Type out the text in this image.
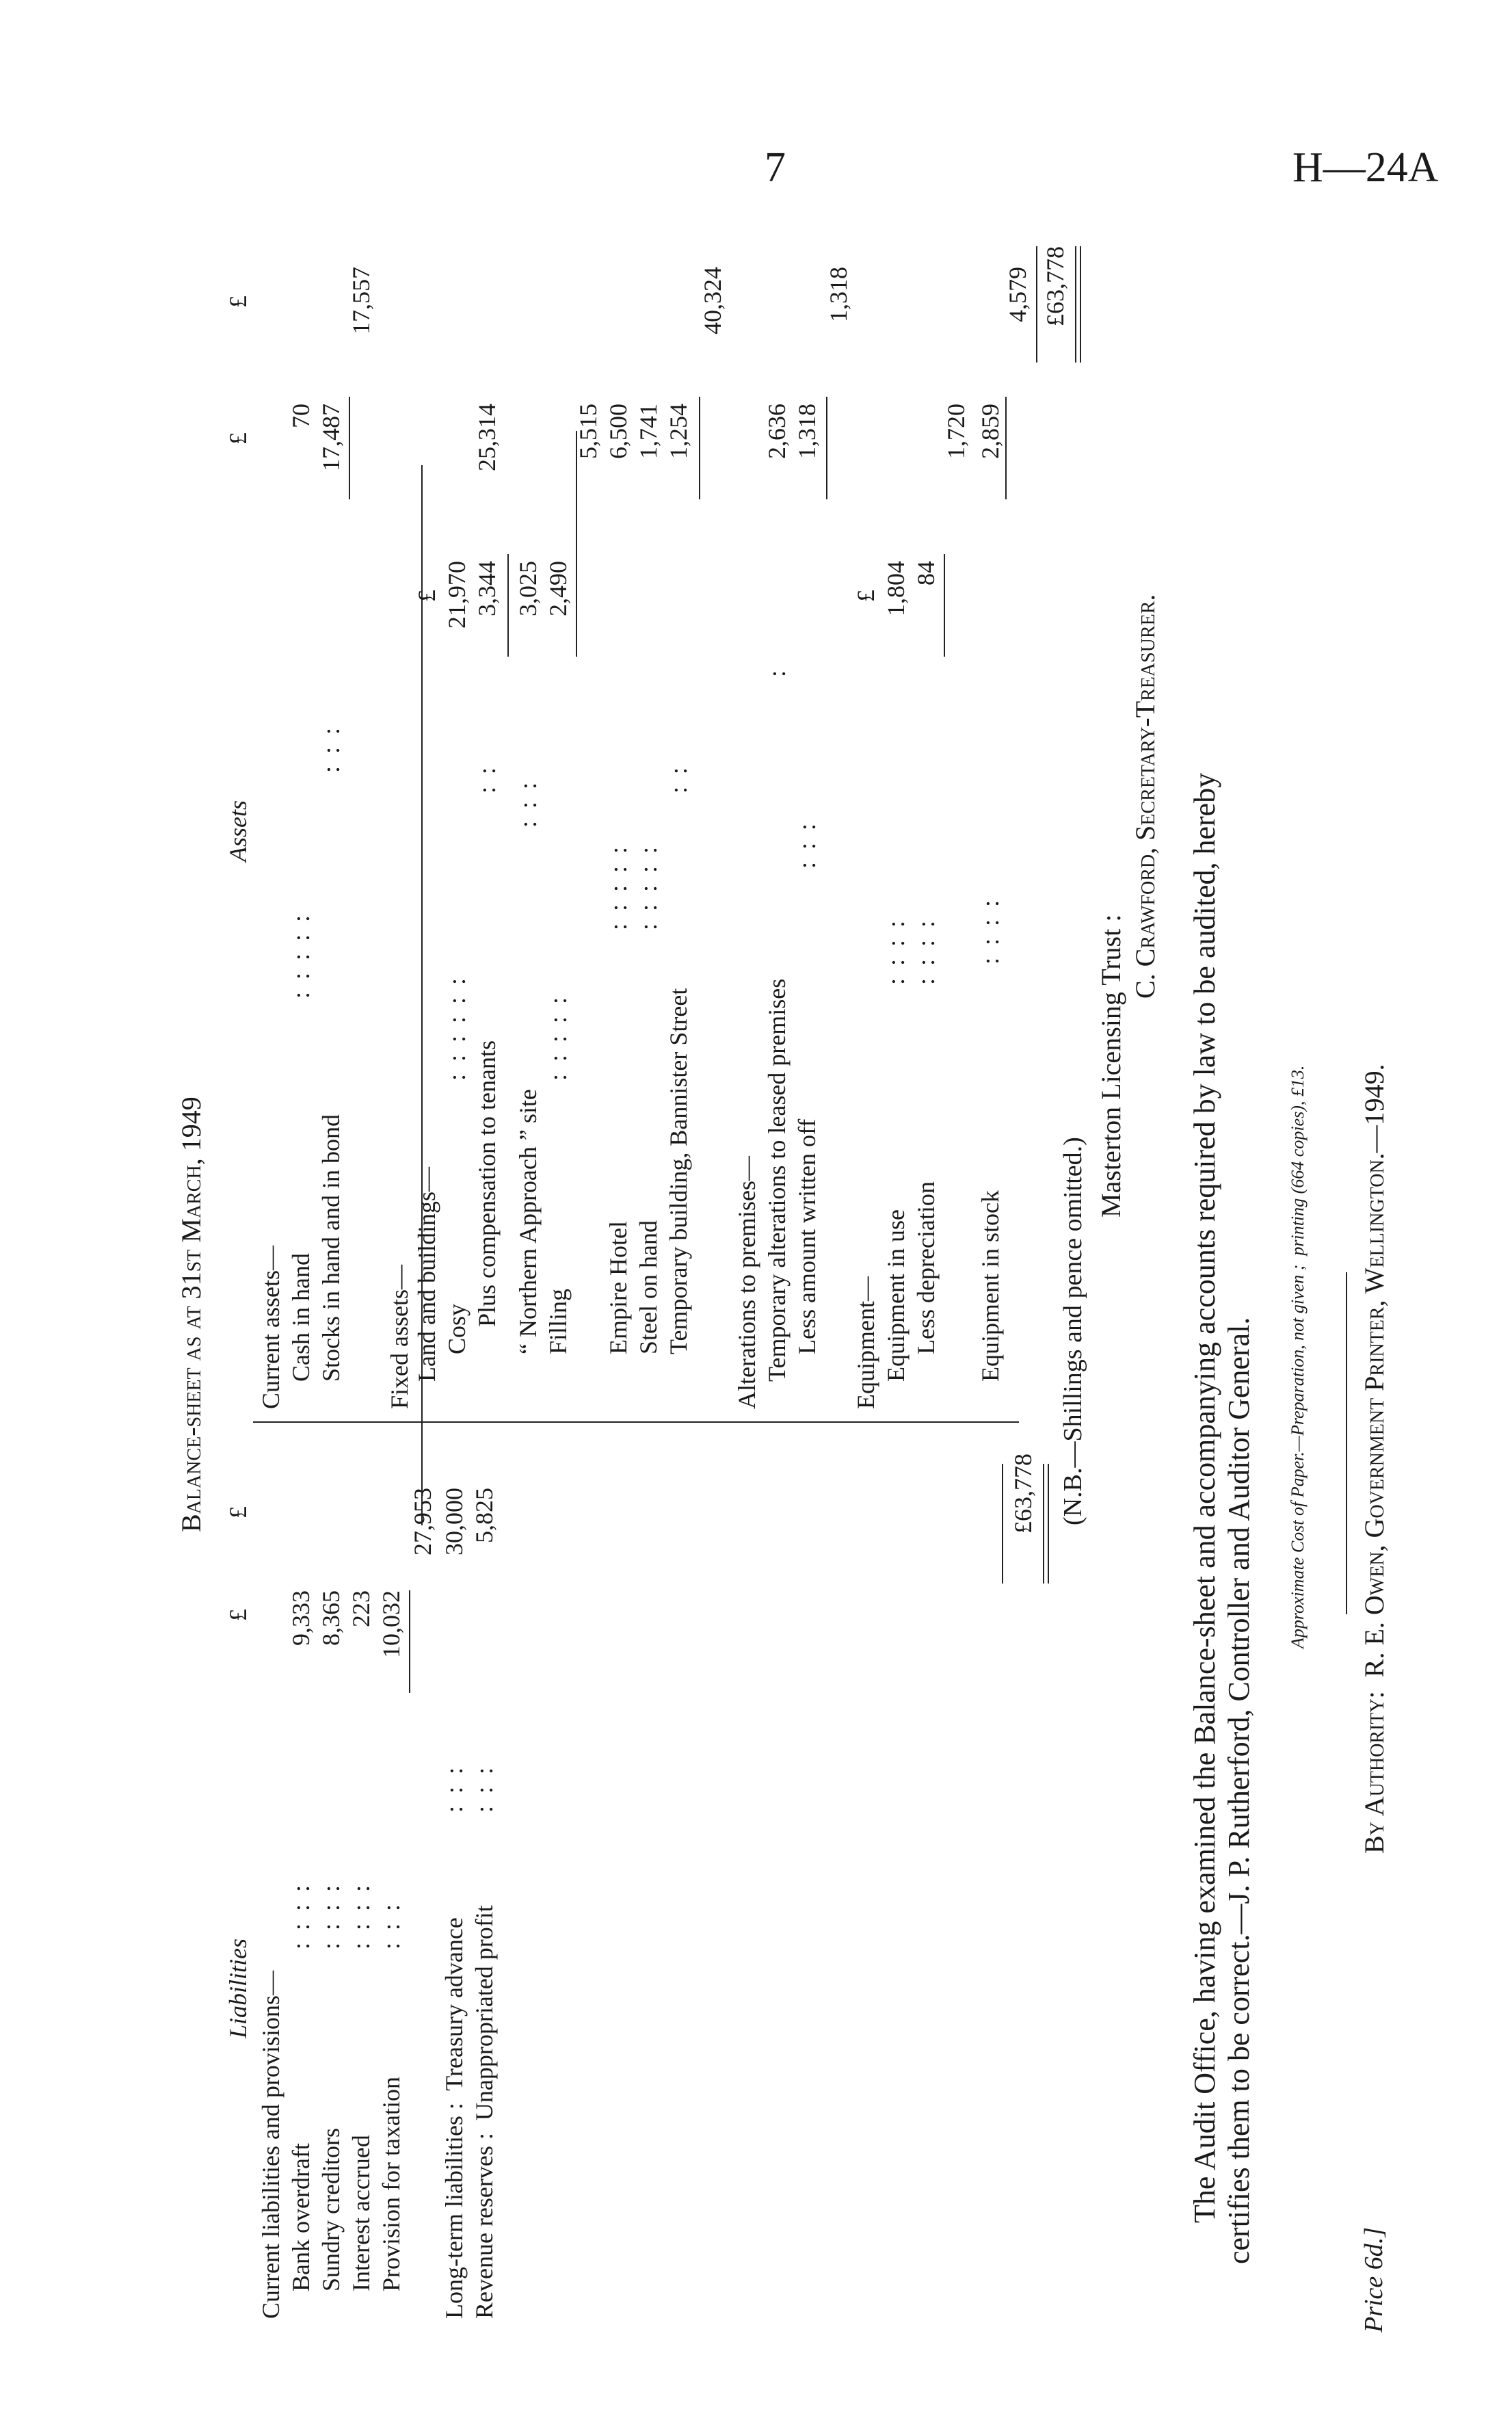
7	H—24A
Balance-sheet as at 31st March, 1949
Liabilities
£
£
Current liabilities and provisions— Bank overdraft
:  :  :  :
9,333
Sundry creditors
:  :  :  :
8,365
Interest accrued
:  :  :  :
223
Provision for taxation
:  :  :
10,032
27,953
Long-term liabilities :  Treasury advance
:  :  :
30,000
Revenue reserves :  Unappropriated profit
:  :  :
5,825	£63,778
Assets
£
£
Current assets— Cash in hand
:  :  :  :  :
70
Stocks in hand and in bond
:  :  :
17,487
17,557
Fixed assets— Land and buildings—
£
Cosy
:  :  :  :  :  :
21,970
Plus compensation to tenants
:  :
3,344
25,314
“ Northern Approach ” site
:  :  :
3,025
Filling
:  :  :  :  :
2,490
5,515
Empire Hotel
:  :  :  :  :
6,500
Steel on hand
:  :  :  :  :
1,741
Temporary building, Bannister Street
:  :
1,254
40,324
Alterations to premises— Temporary alterations to leased premises
:
2,636
Less amount written off
:  :  :
1,318
1,318
Equipment—
£
Equipment in use
:  :  :  :
1,804
Less depreciation
:  :  :  :
84
1,720
Equipment in stock
:  :  :  :
2,859
4,579 £63,778
(N.B.—Shillings and pence omitted.)
Masterton Licensing Trust :
C. Crawford, Secretary-Treasurer. The Audit Office, having examined the Balance-sheet and accompanying accounts required by law to be audited, hereby certifies them to be correct.—J. P. Rutherford, Controller and Auditor General. Approximate Cost of Paper.—Preparation, not given ;  printing (664 copies), £13.
Price 6d.]
By Authority:  R. E. Owen, Government Printer, Wellington.—1949.
